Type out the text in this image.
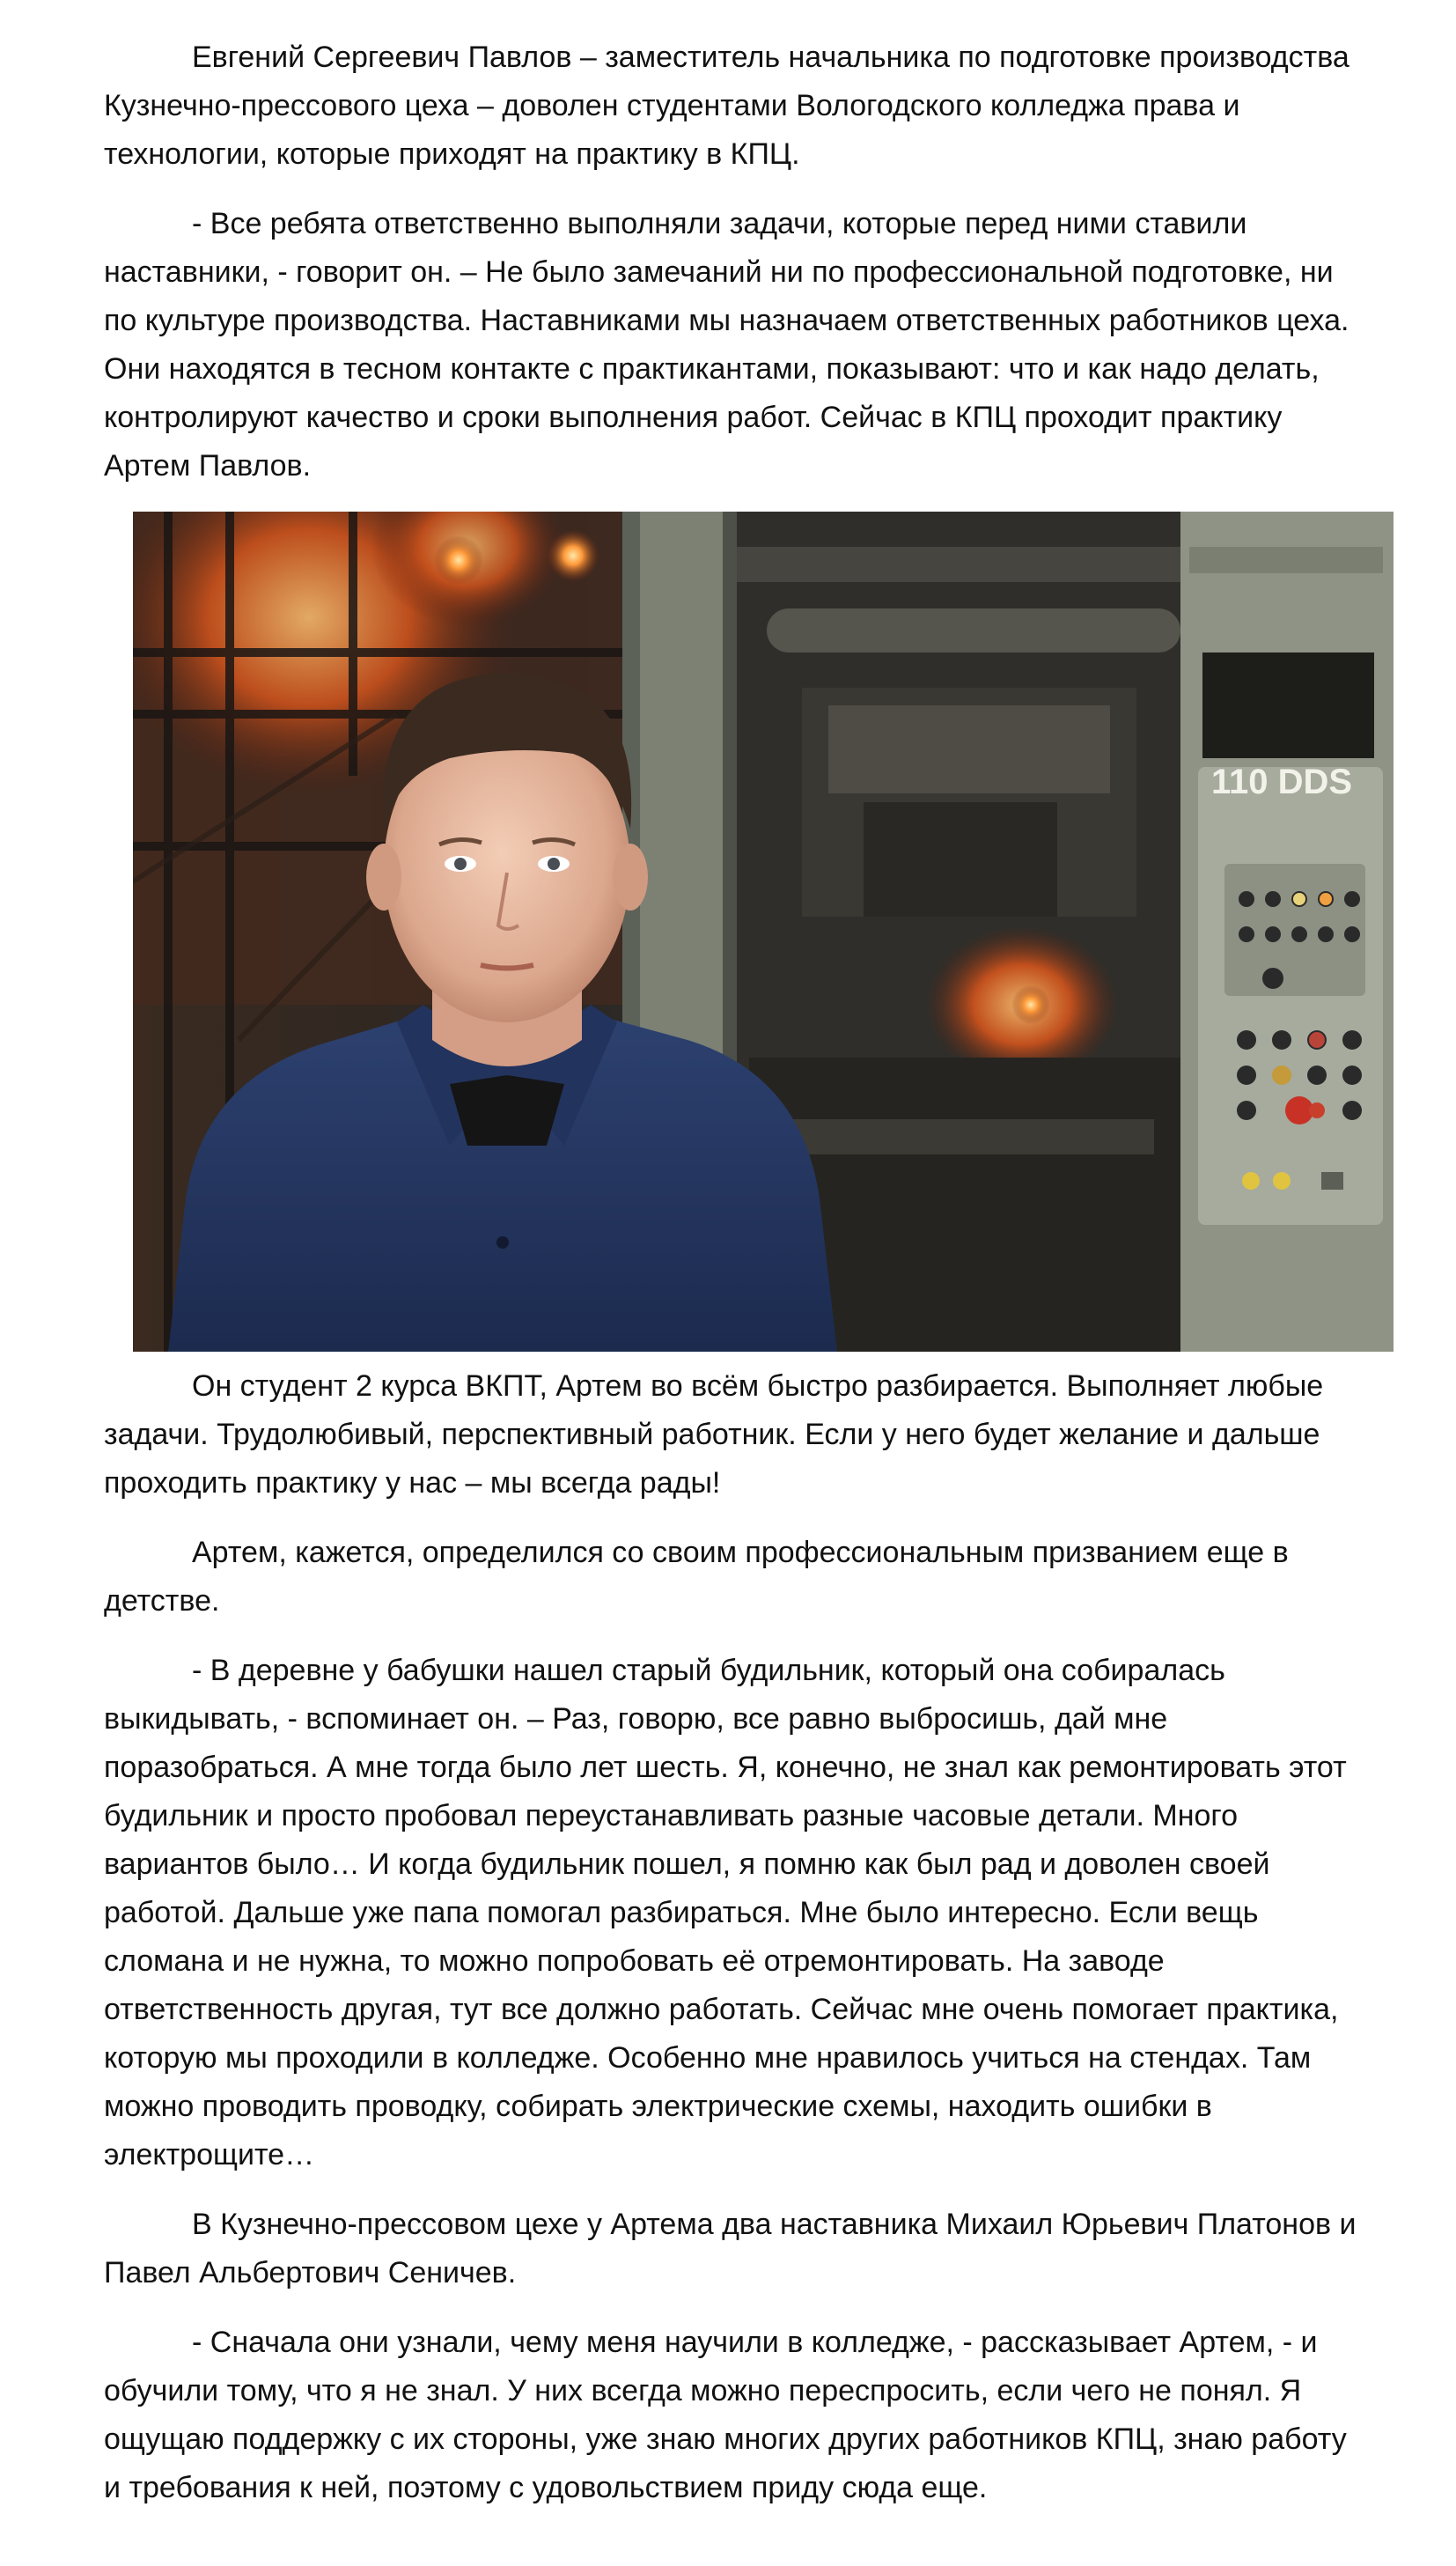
Евгений Сергеевич Павлов – заместитель начальника по подготовке производства Кузнечно-прессового цеха – доволен студентами Вологодского колледжа права и технологии, которые приходят на практику в КПЦ.

- Все ребята ответственно выполняли задачи, которые перед ними ставили наставники, - говорит он. – Не было замечаний ни по профессиональной подготовке, ни по культуре производства. Наставниками мы назначаем ответственных работников цеха. Они находятся в тесном контакте с практикантами, показывают: что и как надо делать, контролируют качество и сроки выполнения работ. Сейчас в КПЦ проходит практику Артем Павлов.

110 DDS

Он студент 2 курса ВКПТ, Артем во всём быстро разбирается. Выполняет любые задачи. Трудолюбивый, перспективный работник. Если у него будет желание и дальше проходить практику у нас – мы всегда рады!

Артем, кажется, определился со своим профессиональным призванием еще в детстве.

- В деревне у бабушки нашел старый будильник, который она собиралась выкидывать, - вспоминает он. – Раз, говорю, все равно выбросишь, дай мне поразобраться. А мне тогда было лет шесть. Я, конечно, не знал как ремонтировать этот будильник и просто пробовал переустанавливать разные часовые детали. Много вариантов было… И когда будильник пошел, я помню как был рад и доволен своей работой. Дальше уже папа помогал разбираться. Мне было интересно. Если вещь сломана и не нужна, то можно попробовать её отремонтировать. На заводе ответственность другая, тут все должно работать. Сейчас мне очень помогает практика, которую мы проходили в колледже. Особенно мне нравилось учиться на стендах. Там можно проводить проводку, собирать электрические схемы, находить ошибки в электрощите…

В Кузнечно-прессовом цехе у Артема два наставника Михаил Юрьевич Платонов и Павел Альбертович Сеничев.

- Сначала они узнали, чему меня научили в колледже, - рассказывает Артем, - и обучили тому, что я не знал. У них всегда можно переспросить, если чего не понял. Я ощущаю поддержку с их стороны, уже знаю многих других работников КПЦ, знаю работу и требования к ней, поэтому с удовольствием приду сюда еще.
